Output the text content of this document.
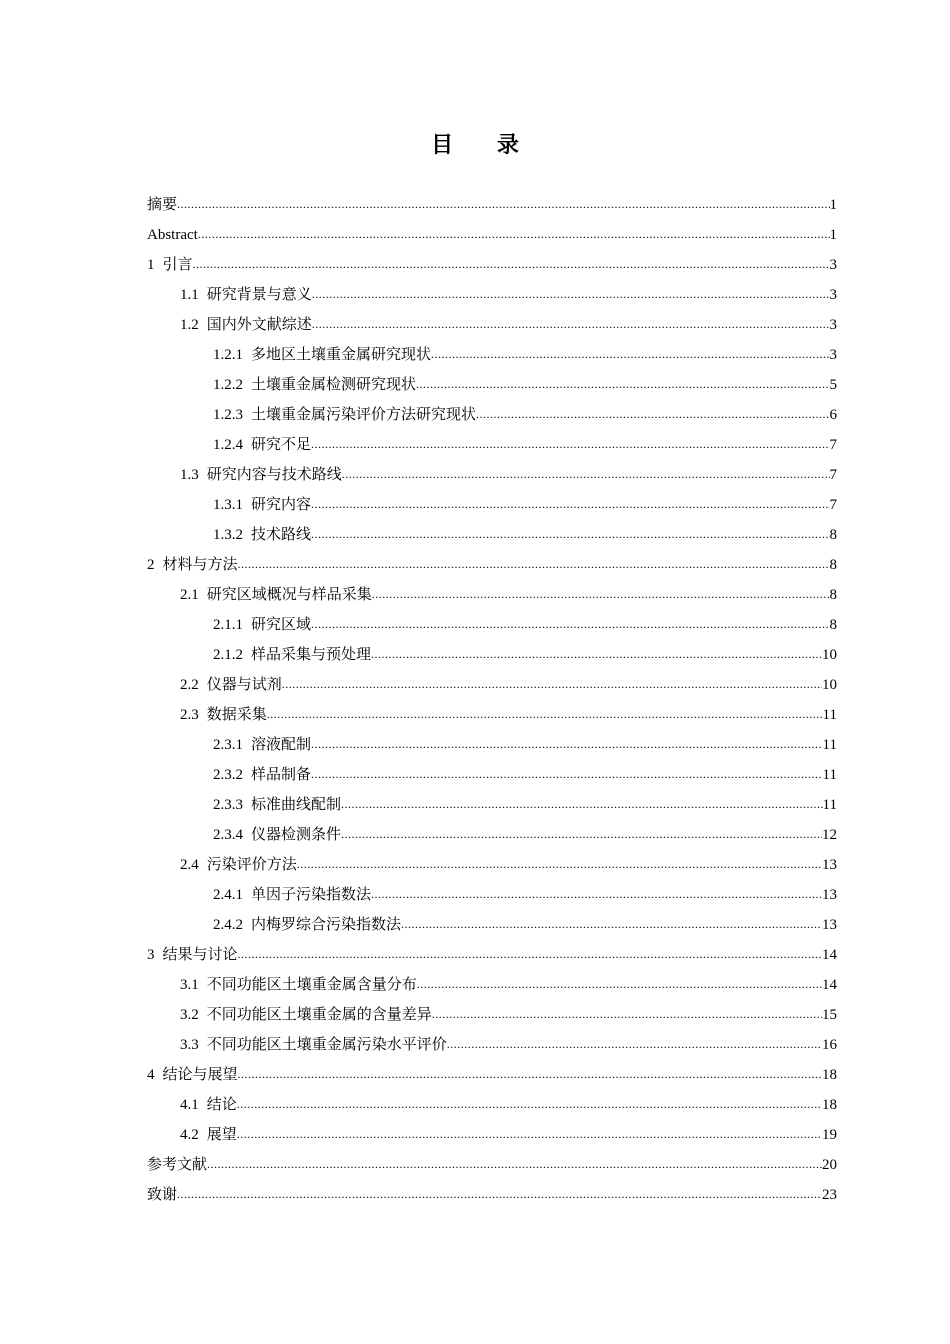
目 录
摘要 .....	1
Abstract .....	1
1 引言 .....	3
1.1 研究背景与意义 .....	3
1.2 国内外文献综述 .....	3
1.2.1 多地区土壤重金属研究现状 .....	3
1.2.2 土壤重金属检测研究现状 .....	5
1.2.3 土壤重金属污染评价方法研究现状 .....	6
1.2.4 研究不足 .....	7
1.3 研究内容与技术路线 .....	7
1.3.1 研究内容 .....	7
1.3.2 技术路线 .....	8
2 材料与方法 .....	8
2.1 研究区域概况与样品采集 .....	8
2.1.1 研究区域 .....	8
2.1.2 样品采集与预处理 .....	10
2.2 仪器与试剂 .....	10
2.3 数据采集 .....	11
2.3.1 溶液配制 .....	11
2.3.2 样品制备 .....	11
2.3.3 标准曲线配制 .....	11
2.3.4 仪器检测条件 .....	12
2.4 污染评价方法 .....	13
2.4.1 单因子污染指数法 .....	13
2.4.2 内梅罗综合污染指数法 .....	13
3 结果与讨论 .....	14
3.1 不同功能区土壤重金属含量分布 .....	14
3.2 不同功能区土壤重金属的含量差异 .....	15
3.3 不同功能区土壤重金属污染水平评价 .....	16
4 结论与展望 .....	18
4.1 结论 .....	18
4.2 展望 .....	19
参考文献 .....	20
致谢 .....	23
